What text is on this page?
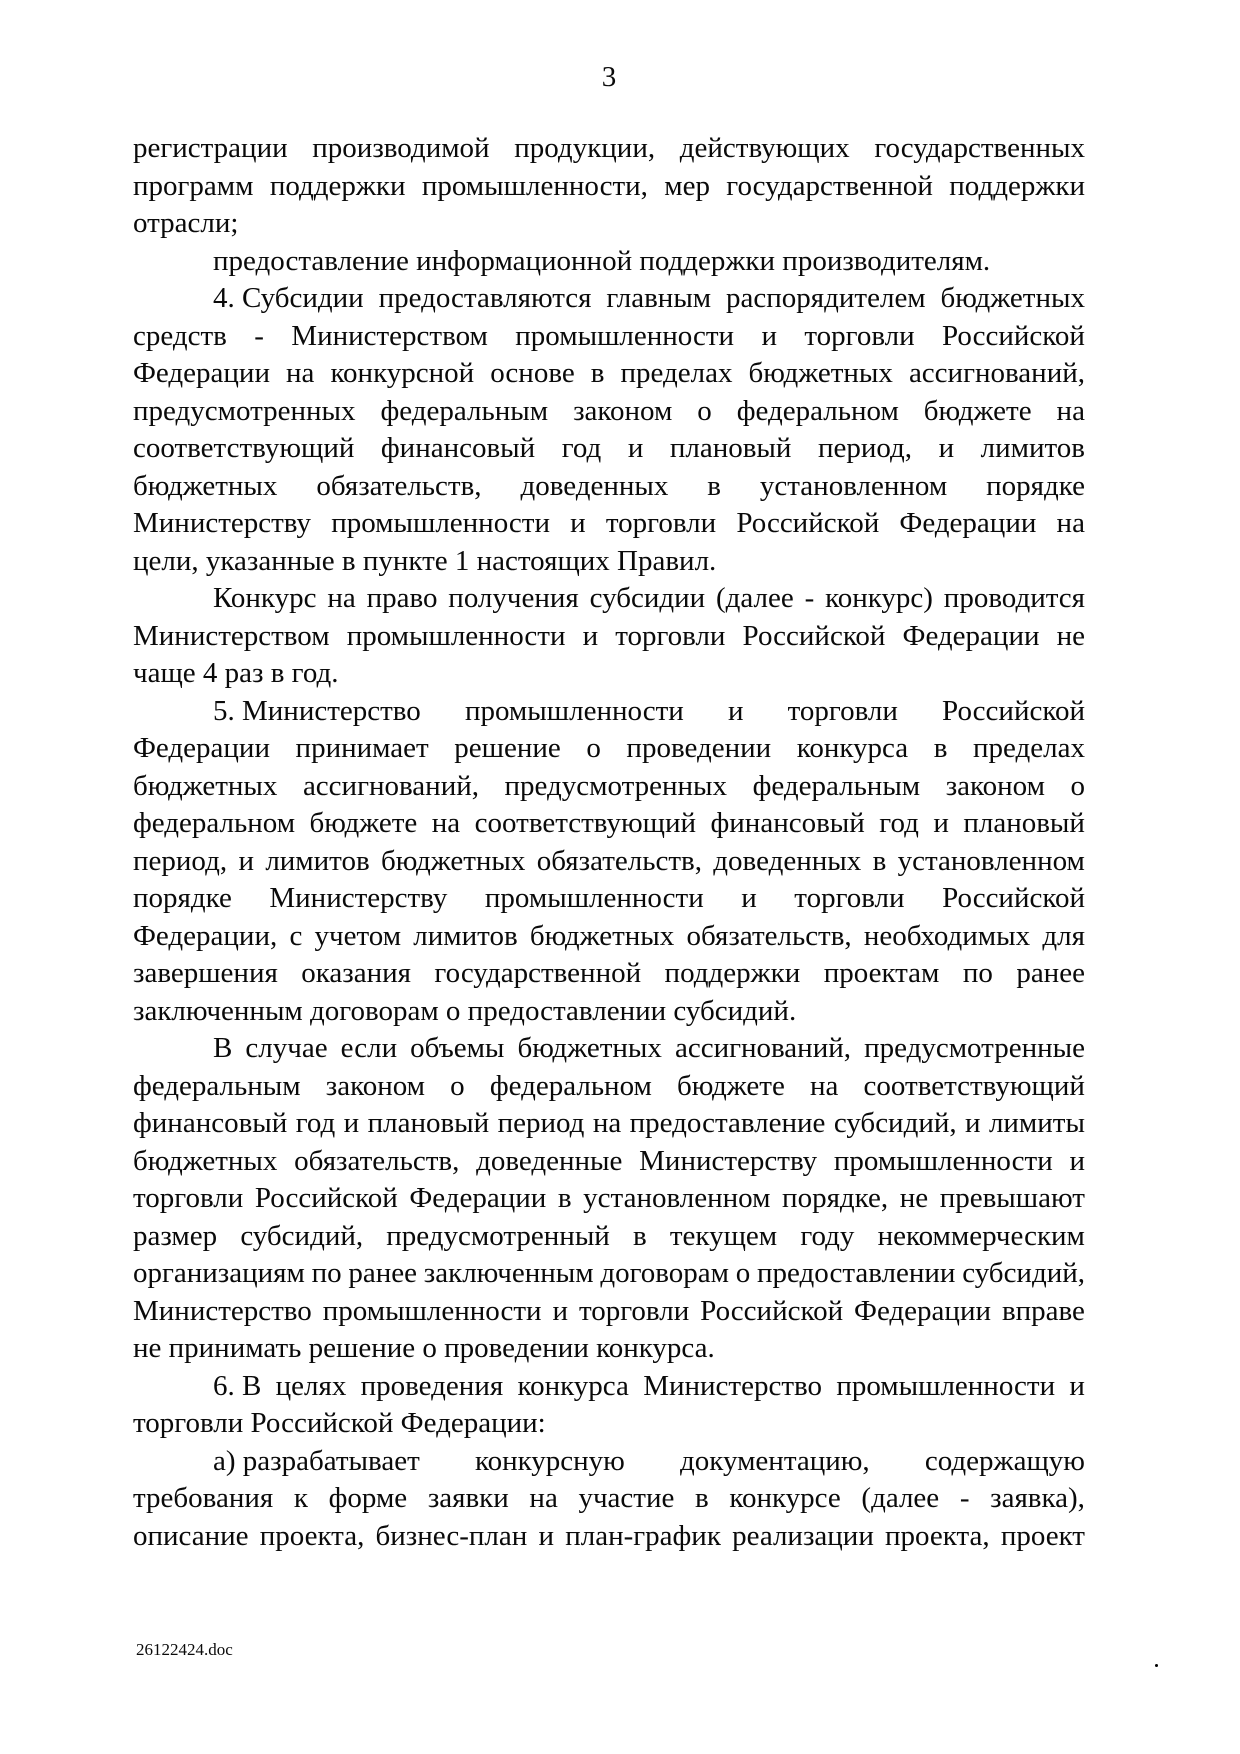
3
регистрации производимой продукции, действующих государственных
программ поддержки промышленности, мер государственной поддержки
отрасли;
предоставление информационной поддержки производителям.
4. Субсидии предоставляются главным распорядителем бюджетных
средств - Министерством промышленности и торговли Российской
Федерации на конкурсной основе в пределах бюджетных ассигнований,
предусмотренных федеральным законом о федеральном бюджете на
соответствующий финансовый год и плановый период, и лимитов
бюджетных обязательств, доведенных в установленном порядке
Министерству промышленности и торговли Российской Федерации на
цели, указанные в пункте 1 настоящих Правил.
Конкурс на право получения субсидии (далее - конкурс) проводится
Министерством промышленности и торговли Российской Федерации не
чаще 4 раз в год.
5. Министерство промышленности и торговли Российской
Федерации принимает решение о проведении конкурса в пределах
бюджетных ассигнований, предусмотренных федеральным законом о
федеральном бюджете на соответствующий финансовый год и плановый
период, и лимитов бюджетных обязательств, доведенных в установленном
порядке Министерству промышленности и торговли Российской
Федерации, с учетом лимитов бюджетных обязательств, необходимых для
завершения оказания государственной поддержки проектам по ранее
заключенным договорам о предоставлении субсидий.
В случае если объемы бюджетных ассигнований, предусмотренные
федеральным законом о федеральном бюджете на соответствующий
финансовый год и плановый период на предоставление субсидий, и лимиты
бюджетных обязательств, доведенные Министерству промышленности и
торговли Российской Федерации в установленном порядке, не превышают
размер субсидий, предусмотренный в текущем году некоммерческим
организациям по ранее заключенным договорам о предоставлении субсидий,
Министерство промышленности и торговли Российской Федерации вправе
не принимать решение о проведении конкурса.
6. В целях проведения конкурса Министерство промышленности и
торговли Российской Федерации:
а) разрабатывает конкурсную документацию, содержащую
требования к форме заявки на участие в конкурсе (далее - заявка),
описание проекта, бизнес-план и план-график реализации проекта, проект
26122424.doc
